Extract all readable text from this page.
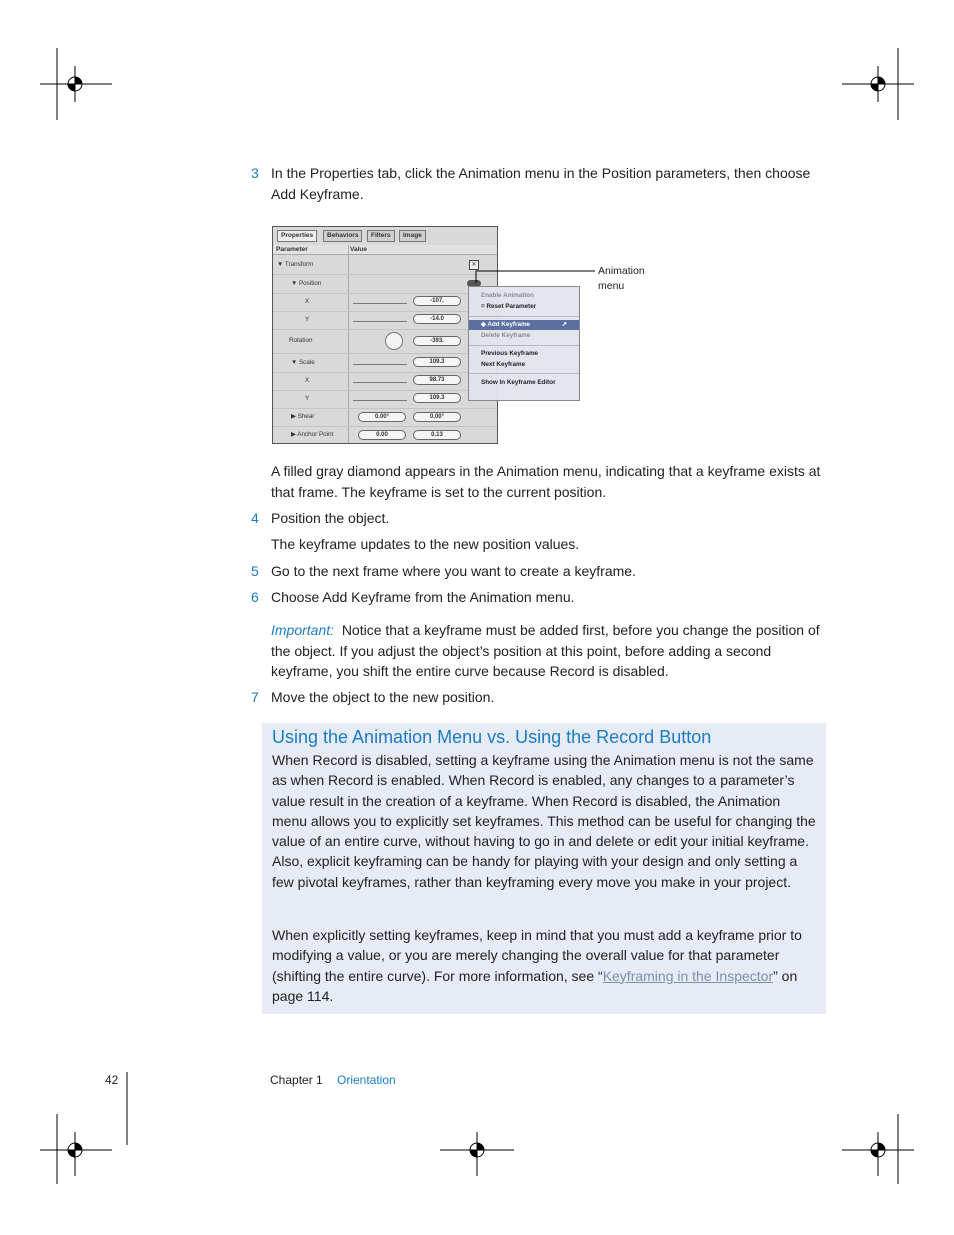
3 In the Properties tab, click the Animation menu in the Position parameters, then choose Add Keyframe.
Properties	Behaviors	Filters	Image
Parameter	Value
▼ Transform	✕
▼ Position
X	-107.
Y	-14.0
Rotation	-393.
▼ Scale	109.3
X	98.73
Y	109.3
▶ Shear	0.00°	0.00°
▶ Anchor Point	0.00	0.13
Enable Animation
= Reset Parameter
◆ Add Keyframe	➚
Delete Keyframe
Previous Keyframe
Next Keyframe
Show In Keyframe Editor
Animation
menu
A filled gray diamond appears in the Animation menu, indicating that a keyframe exists at that frame. The keyframe is set to the current position.
4 Position the object.
The keyframe updates to the new position values.
5 Go to the next frame where you want to create a keyframe.
6 Choose Add Keyframe from the Animation menu.
Important: Notice that a keyframe must be added first, before you change the position of the object. If you adjust the object’s position at this point, before adding a second keyframe, you shift the entire curve because Record is disabled.
7 Move the object to the new position.
Using the Animation Menu vs. Using the Record Button

When Record is disabled, setting a keyframe using the Animation menu is not the same as when Record is enabled. When Record is enabled, any changes to a parameter’s value result in the creation of a keyframe. When Record is disabled, the Animation menu allows you to explicitly set keyframes. This method can be useful for changing the value of an entire curve, without having to go in and delete or edit your initial keyframe. Also, explicit keyframing can be handy for playing with your design and only setting a few pivotal keyframes, rather than keyframing every move you make in your project.

When explicitly setting keyframes, keep in mind that you must add a keyframe prior to modifying a value, or you are merely changing the overall value for that parameter (shifting the entire curve). For more information, see “Keyframing in the Inspector” on page 114.

42	Chapter 1 Orientation
